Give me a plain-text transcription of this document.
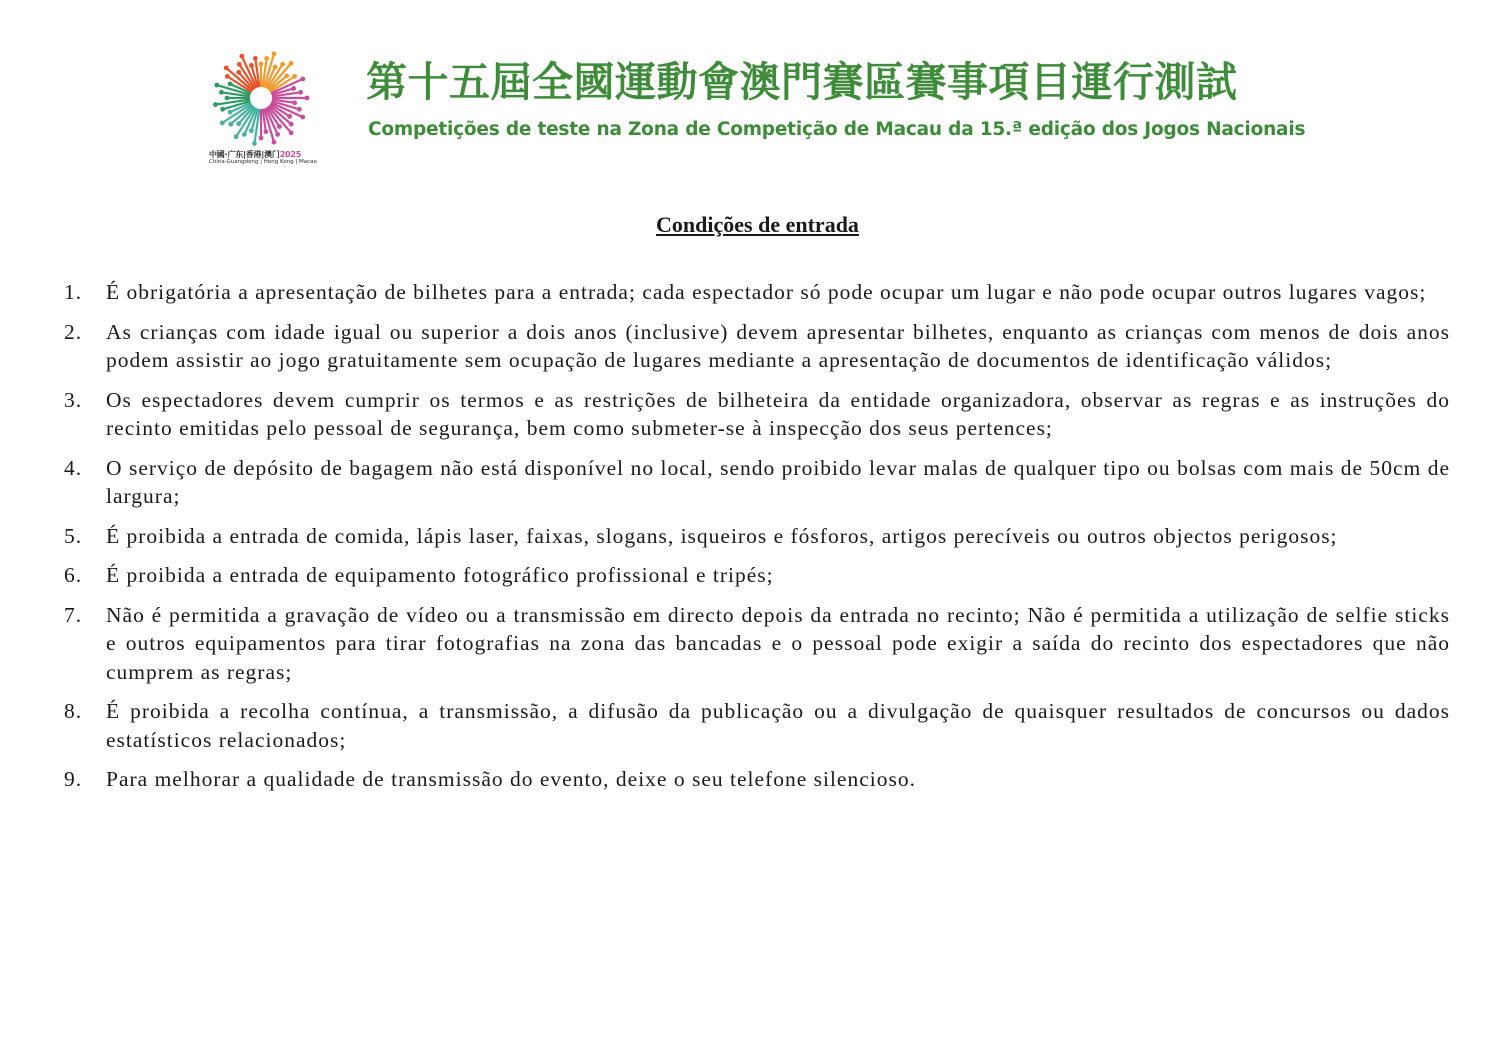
中國·广东|香港|澳门2025
China·Guangdong | Hong Kong | Macao
第十五屆全國運動會澳門賽區賽事項目運行測試
Competições de teste na Zona de Competição de Macau da 15.ª edição dos Jogos Nacionais
Condições de entrada
1. É obrigatória a apresentação de bilhetes para a entrada; cada espectador só pode ocupar um lugar e não pode ocupar outros lugares vagos;
2. As crianças com idade igual ou superior a dois anos (inclusive) devem apresentar bilhetes, enquanto as crianças com menos de dois anos podem assistir ao jogo gratuitamente sem ocupação de lugares mediante a apresentação de documentos de identificação válidos;
3. Os espectadores devem cumprir os termos e as restrições de bilheteira da entidade organizadora, observar as regras e as instruções do recinto emitidas pelo pessoal de segurança, bem como submeter-se à inspecção dos seus pertences;
4. O serviço de depósito de bagagem não está disponível no local, sendo proibido levar malas de qualquer tipo ou bolsas com mais de 50cm de largura;
5. É proibida a entrada de comida, lápis laser, faixas, slogans, isqueiros e fósforos, artigos perecíveis ou outros objectos perigosos;
6. É proibida a entrada de equipamento fotográfico profissional e tripés;
7. Não é permitida a gravação de vídeo ou a transmissão em directo depois da entrada no recinto; Não é permitida a utilização de selfie sticks e outros equipamentos para tirar fotografias na zona das bancadas e o pessoal pode exigir a saída do recinto dos espectadores que não cumprem as regras;
8. É proibida a recolha contínua, a transmissão, a difusão da publicação ou a divulgação de quaisquer resultados de concursos ou dados estatísticos relacionados;
9. Para melhorar a qualidade de transmissão do evento, deixe o seu telefone silencioso.
